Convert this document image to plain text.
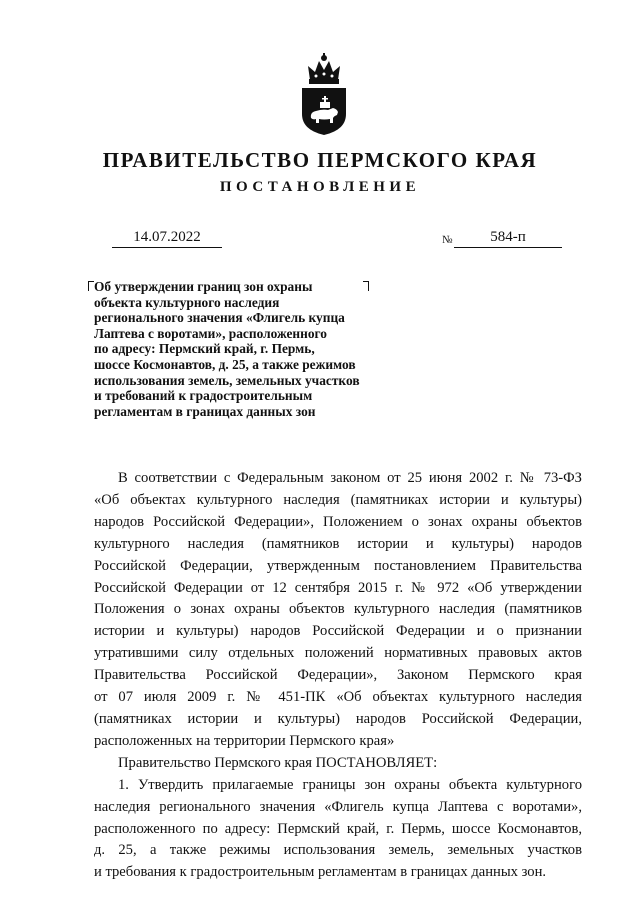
ПРАВИТЕЛЬСТВО ПЕРМСКОГО КРАЯ
ПОСТАНОВЛЕНИЕ
14.07.2022	№	584-п
Об утверждении границ зон охраны
объекта культурного наследия
регионального значения «Флигель купца
Лаптева с воротами», расположенного
по адресу: Пермский край, г. Пермь,
шоссе Космонавтов, д. 25, а также режимов
использования земель, земельных участков
и требований к градостроительным
регламентам в границах данных зон
В соответствии с Федеральным законом от 25 июня 2002 г. № 73-ФЗ
«Об объектах культурного наследия (памятниках истории и культуры)
народов Российской Федерации», Положением о зонах охраны объектов
культурного наследия (памятников истории и культуры) народов
Российской Федерации, утвержденным постановлением Правительства
Российской Федерации от 12 сентября 2015 г. № 972 «Об утверждении
Положения о зонах охраны объектов культурного наследия (памятников
истории и культуры) народов Российской Федерации и о признании
утратившими силу отдельных положений нормативных правовых актов
Правительства Российской Федерации», Законом Пермского края
от 07 июля 2009 г. № 451-ПК «Об объектах культурного наследия
(памятниках истории и культуры) народов Российской Федерации,
расположенных на территории Пермского края»
Правительство Пермского края ПОСТАНОВЛЯЕТ:
1. Утвердить прилагаемые границы зон охраны объекта культурного
наследия регионального значения «Флигель купца Лаптева с воротами»,
расположенного по адресу: Пермский край, г. Пермь, шоссе Космонавтов,
д. 25, а также режимы использования земель, земельных участков
и требования к градостроительным регламентам в границах данных зон.
